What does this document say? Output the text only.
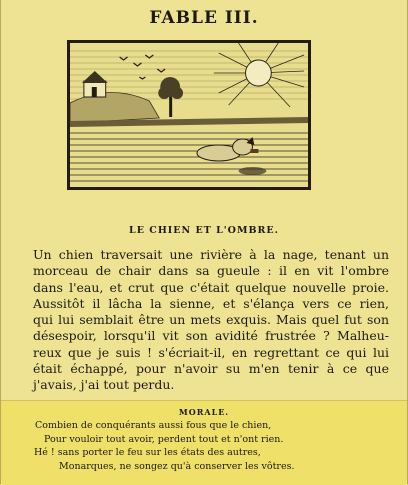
FABLE III.
LE CHIEN ET L'OMBRE.
Un chien traversait une rivière à la nage, tenant un
morceau de chair dans sa gueule : il en vit l'ombre
dans l'eau, et crut que c'était quelque nouvelle proie.
Aussitôt il lâcha la sienne, et s'élança vers ce rien,
qui lui semblait être un mets exquis. Mais quel fut son
désespoir, lorsqu'il vit son avidité frustrée ? Malheu-
reux que je suis ! s'écriait-il, en regrettant ce qui lui
était échappé, pour n'avoir su m'en tenir à ce que
j'avais, j'ai tout perdu.
MORALE.
Combien de conquérants aussi fous que le chien,
Pour vouloir tout avoir, perdent tout et n'ont rien.
Hé ! sans porter le feu sur les états des autres,
Monarques, ne songez qu'à conserver les vôtres.
